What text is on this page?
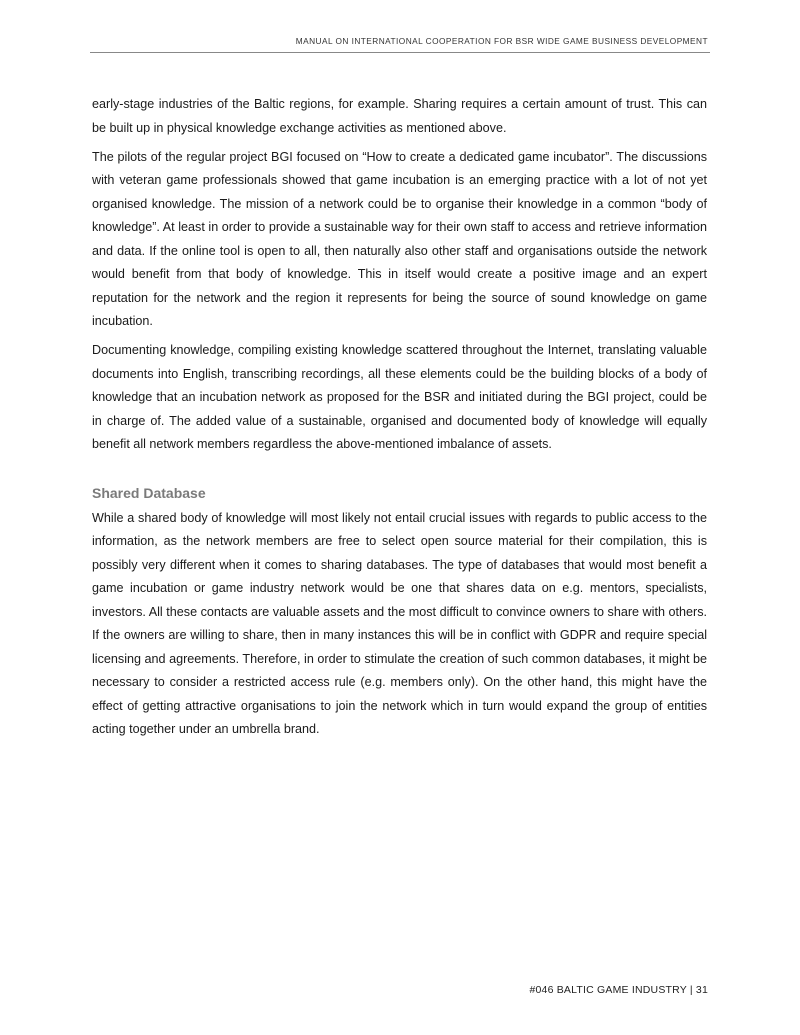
MANUAL ON INTERNATIONAL COOPERATION FOR BSR WIDE GAME BUSINESS DEVELOPMENT

early-stage industries of the Baltic regions, for example. Sharing requires a certain amount of trust. This can be built up in physical knowledge exchange activities as mentioned above.

The pilots of the regular project BGI focused on “How to create a dedicated game incubator”. The discussions with veteran game professionals showed that game incubation is an emerging practice with a lot of not yet organised knowledge. The mission of a network could be to organise their knowledge in a common “body of knowledge”. At least in order to provide a sustainable way for their own staff to access and retrieve information and data. If the online tool is open to all, then naturally also other staff and organisations outside the network would benefit from that body of knowledge. This in itself would create a positive image and an expert reputation for the network and the region it represents for being the source of sound knowledge on game incubation.

Documenting knowledge, compiling existing knowledge scattered throughout the Internet, translating valuable documents into English, transcribing recordings, all these elements could be the building blocks of a body of knowledge that an incubation network as proposed for the BSR and initiated during the BGI project, could be in charge of. The added value of a sustainable, organised and documented body of knowledge will equally benefit all network members regardless the above-mentioned imbalance of assets.

Shared Database

While a shared body of knowledge will most likely not entail crucial issues with regards to public access to the information, as the network members are free to select open source material for their compilation, this is possibly very different when it comes to sharing databases. The type of databases that would most benefit a game incubation or game industry network would be one that shares data on e.g. mentors, specialists, investors. All these contacts are valuable assets and the most difficult to convince owners to share with others. If the owners are willing to share, then in many instances this will be in conflict with GDPR and require special licensing and agreements. Therefore, in order to stimulate the creation of such common databases, it might be necessary to consider a restricted access rule (e.g. members only). On the other hand, this might have the effect of getting attractive organisations to join the network which in turn would expand the group of entities acting together under an umbrella brand.

#046 BALTIC GAME INDUSTRY | 31
